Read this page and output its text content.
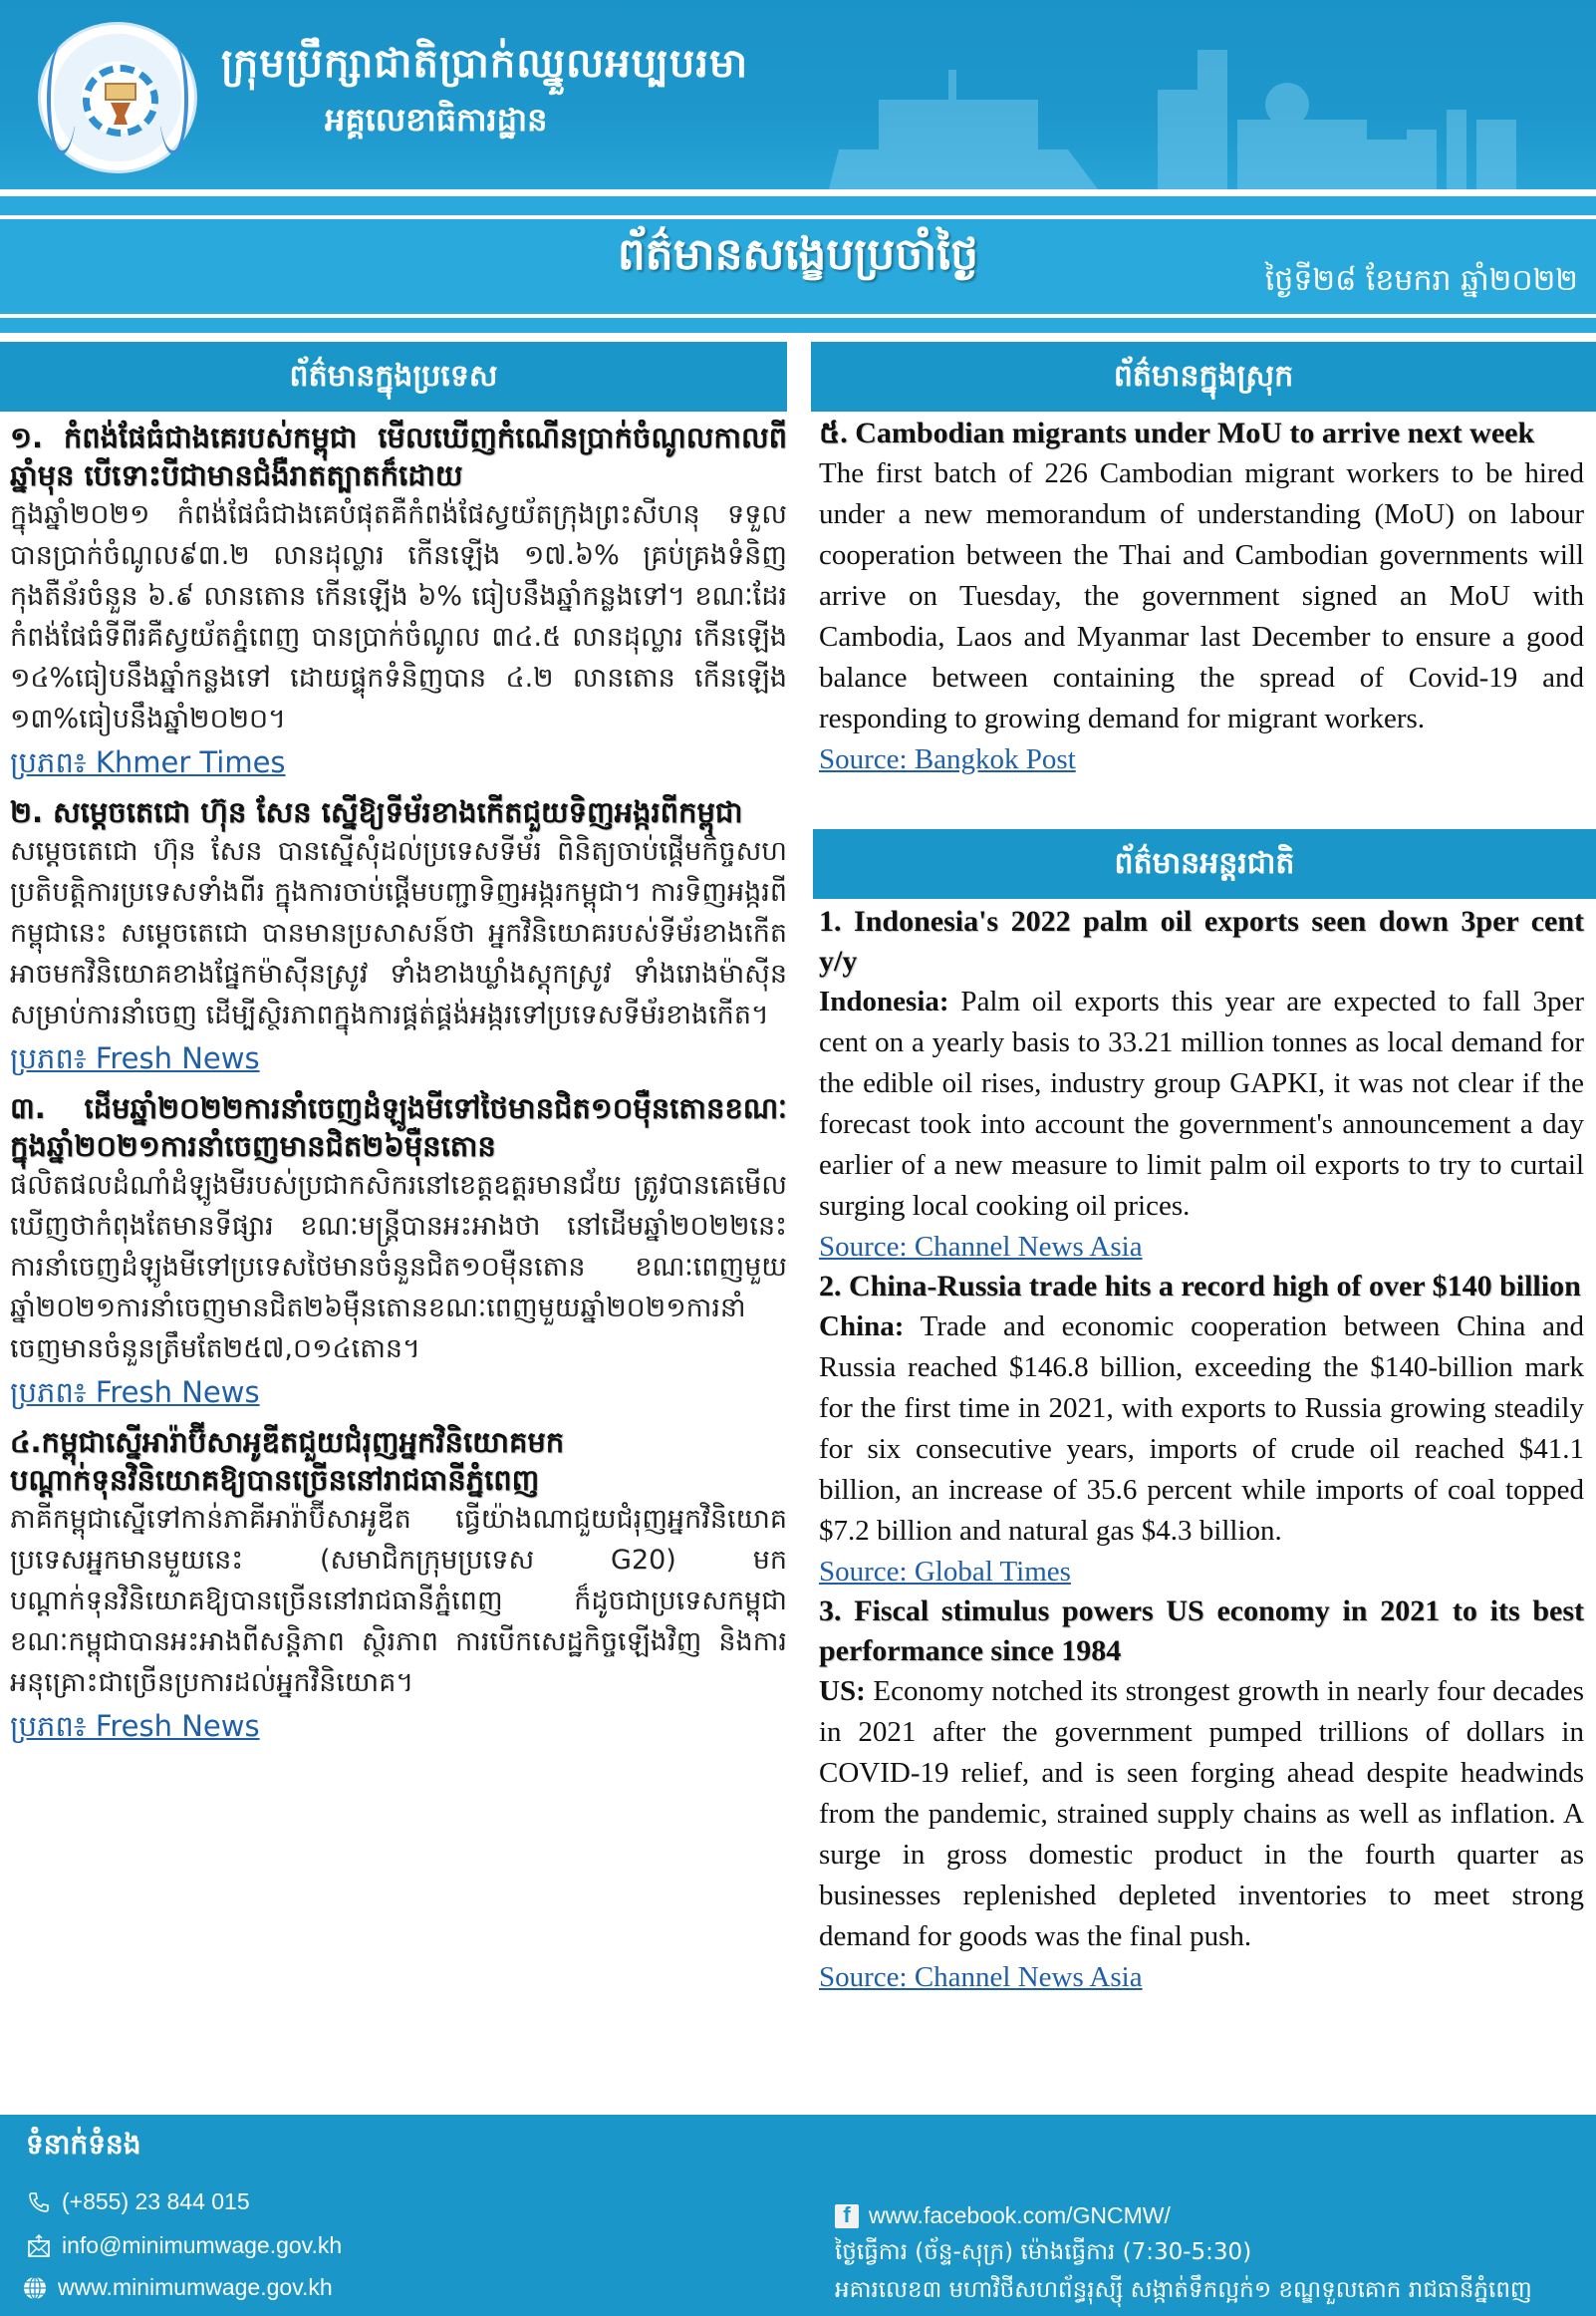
ក្រុមប្រឹក្សាជាតិប្រាក់ឈ្នួលអប្បបរមា
អគ្គលេខាធិការដ្ឋាន
ព័ត៌មានសង្ខេបប្រចាំថ្ងៃ
ថ្ងៃទី២៨ ខែមករា ឆ្នាំ២០២២
ព័ត៌មានក្នុងប្រទេស
១. កំពង់ផែធំជាងគេរបស់កម្ពុជា មើលឃើញកំណើនប្រាក់ចំណូលកាលពីឆ្នាំមុន បើទោះបីជាមានជំងឺរាតត្បាតក៏ដោយ
ក្នុងឆ្នាំ២០២១ កំពង់ផែធំជាងគេបំផុតគឺកំពង់ផែស្វយ័តក្រុងព្រះសីហនុ ទទួលបានប្រាក់ចំណូល៩៣.២ លានដុល្លារ កើនឡើង ១៧.៦% គ្រប់គ្រងទំនិញកុងតឺន័រចំនួន ៦.៩ លានតោន កើនឡើង ៦% ធៀបនឹងឆ្នាំកន្លងទៅ។ ខណៈដែរកំពង់ផែធំទីពីរគឺស្វយ័តភ្នំពេញ បានប្រាក់ចំណូល ៣៤.៥ លានដុល្លារ កើនឡើង ១៤%ធៀបនឹងឆ្នាំកន្លងទៅ ដោយផ្ទុកទំនិញបាន ៤.២ លានតោន កើនឡើង ១៣%ធៀបនឹងឆ្នាំ២០២០។
ប្រភព៖ Khmer Times
២. សម្តេចតេជោ ហ៊ុន សែន ស្នើឱ្យទីម័រខាងកើតជួយទិញអង្ករពីកម្ពុជា
សម្តេចតេជោ ហ៊ុន សែន បានស្នើសុំដល់ប្រទេសទីម័រ ពិនិត្យចាប់ផ្តើមកិច្ចសហប្រតិបត្តិការប្រទេសទាំងពីរ ក្នុងការចាប់ផ្តើមបញ្ជាទិញអង្ករកម្ពុជា។ ការទិញអង្ករពីកម្ពុជានេះ សម្តេចតេជោ បានមានប្រសាសន៍ថា អ្នកវិនិយោគរបស់ទីម័រខាងកើត អាចមកវិនិយោគខាងផ្នែកម៉ាស៊ីនស្រូវ ទាំងខាងឃ្លាំងស្តុកស្រូវ ទាំងរោងម៉ាស៊ីនសម្រាប់ការនាំចេញ ដើម្បីស្ថិរភាពក្នុងការផ្គត់ផ្គង់អង្ករទៅប្រទេសទីម័រខាងកើត។
ប្រភព៖ Fresh News
៣. ដើមឆ្នាំ២០២២ការនាំចេញដំឡូងមីទៅថៃមានជិត១០ម៉ឺនតោនខណៈក្នុងឆ្នាំ២០២១ការនាំចេញមានជិត២៦ម៉ឺនតោន
ផលិតផលដំណាំដំឡូងមីរបស់ប្រជាកសិករនៅខេត្តឧត្តរមានជ័យ ត្រូវបានគេមើលឃើញថាកំពុងតែមានទីផ្សារ ខណៈមន្ត្រីបានអះអាងថា នៅដើមឆ្នាំ២០២២នេះ ការនាំចេញដំឡូងមីទៅប្រទេសថៃមានចំនួនជិត១០ម៉ឺនតោន ខណៈពេញមួយឆ្នាំ២០២១ការនាំចេញមានជិត២៦ម៉ឺនតោនខណៈពេញមួយឆ្នាំ២០២១ការនាំចេញមានចំនួនត្រឹមតែ២៥៧,០១៤តោន។
ប្រភព៖ Fresh News
៤.កម្ពុជាស្នើអារ៉ាប៊ីសាអូឌីតជួយជំរុញអ្នកវិនិយោគមកបណ្តាក់ទុនវិនិយោគឱ្យបានច្រើននៅរាជធានីភ្នំពេញ
ភាគីកម្ពុជាស្នើទៅកាន់ភាគីអារ៉ាប៊ីសាអូឌីត ធ្វើយ៉ាងណាជួយជំរុញអ្នកវិនិយោគប្រទេសអ្នកមានមួយនេះ (សមាជិកក្រុមប្រទេស G20) មកបណ្តាក់ទុនវិនិយោគឱ្យបានច្រើននៅរាជធានីភ្នំពេញ ក៏ដូចជាប្រទេសកម្ពុជា ខណៈកម្ពុជាបានអះអាងពីសន្តិភាព ស្ថិរភាព ការបើកសេដ្ឋកិច្ចឡើងវិញ និងការអនុគ្រោះជាច្រើនប្រការដល់អ្នកវិនិយោគ។
ប្រភព៖ Fresh News
ព័ត៌មានក្នុងស្រុក
៥. Cambodian migrants under MoU to arrive next week
The first batch of 226 Cambodian migrant workers to be hired under a new memorandum of understanding (MoU) on labour cooperation between the Thai and Cambodian governments will arrive on Tuesday, the government signed an MoU with Cambodia, Laos and Myanmar last December to ensure a good balance between containing the spread of Covid-19 and responding to growing demand for migrant workers.
Source: Bangkok Post
ព័ត៌មានអន្តរជាតិ
1. Indonesia's 2022 palm oil exports seen down 3per cent y/y
Indonesia: Palm oil exports this year are expected to fall 3per cent on a yearly basis to 33.21 million tonnes as local demand for the edible oil rises, industry group GAPKI, it was not clear if the forecast took into account the government's announcement a day earlier of a new measure to limit palm oil exports to try to curtail surging local cooking oil prices.
Source: Channel News Asia
2. China-Russia trade hits a record high of over $140 billion
China: Trade and economic cooperation between China and Russia reached $146.8 billion, exceeding the $140-billion mark for the first time in 2021, with exports to Russia growing steadily for six consecutive years, imports of crude oil reached $41.1 billion, an increase of 35.6 percent while imports of coal topped $7.2 billion and natural gas $4.3 billion.
Source: Global Times
3. Fiscal stimulus powers US economy in 2021 to its best performance since 1984
US: Economy notched its strongest growth in nearly four decades in 2021 after the government pumped trillions of dollars in COVID-19 relief, and is seen forging ahead despite headwinds from the pandemic, strained supply chains as well as inflation. A surge in gross domestic product in the fourth quarter as businesses replenished depleted inventories to meet strong demand for goods was the final push.
Source: Channel News Asia
ទំនាក់ទំនង
(+855) 23 844 015
info@minimumwage.gov.kh
www.minimumwage.gov.kh
f www.facebook.com/GNCMW/
ថ្ងៃធ្វើការ (ច័ន្ទ-សុក្រ) ម៉ោងធ្វើការ (7:30-5:30)
អគារលេខ៣ មហាវិថីសហព័ន្ធរុស្ស៊ី សង្កាត់ទឹកល្អក់១ ខណ្ឌទួលគោក រាជធានីភ្នំពេញ
